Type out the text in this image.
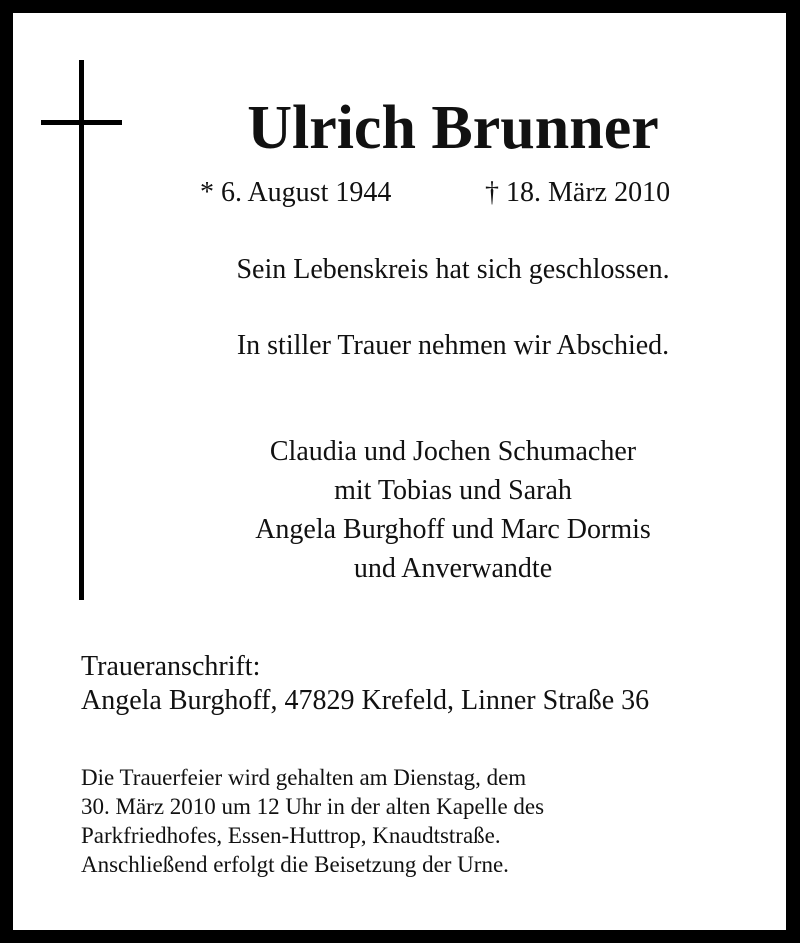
Ulrich Brunner
* 6. August 1944	† 18. März 2010
Sein Lebenskreis hat sich geschlossen.
In stiller Trauer nehmen wir Abschied.
Claudia und Jochen Schumacher
mit Tobias und Sarah
Angela Burghoff und Marc Dormis
und Anverwandte
Traueranschrift:
Angela Burghoff, 47829 Krefeld, Linner Straße 36
Die Trauerfeier wird gehalten am Dienstag, dem
30. März 2010 um 12 Uhr in der alten Kapelle des
Parkfriedhofes, Essen-Huttrop, Knaudtstraße.
Anschließend erfolgt die Beisetzung der Urne.
